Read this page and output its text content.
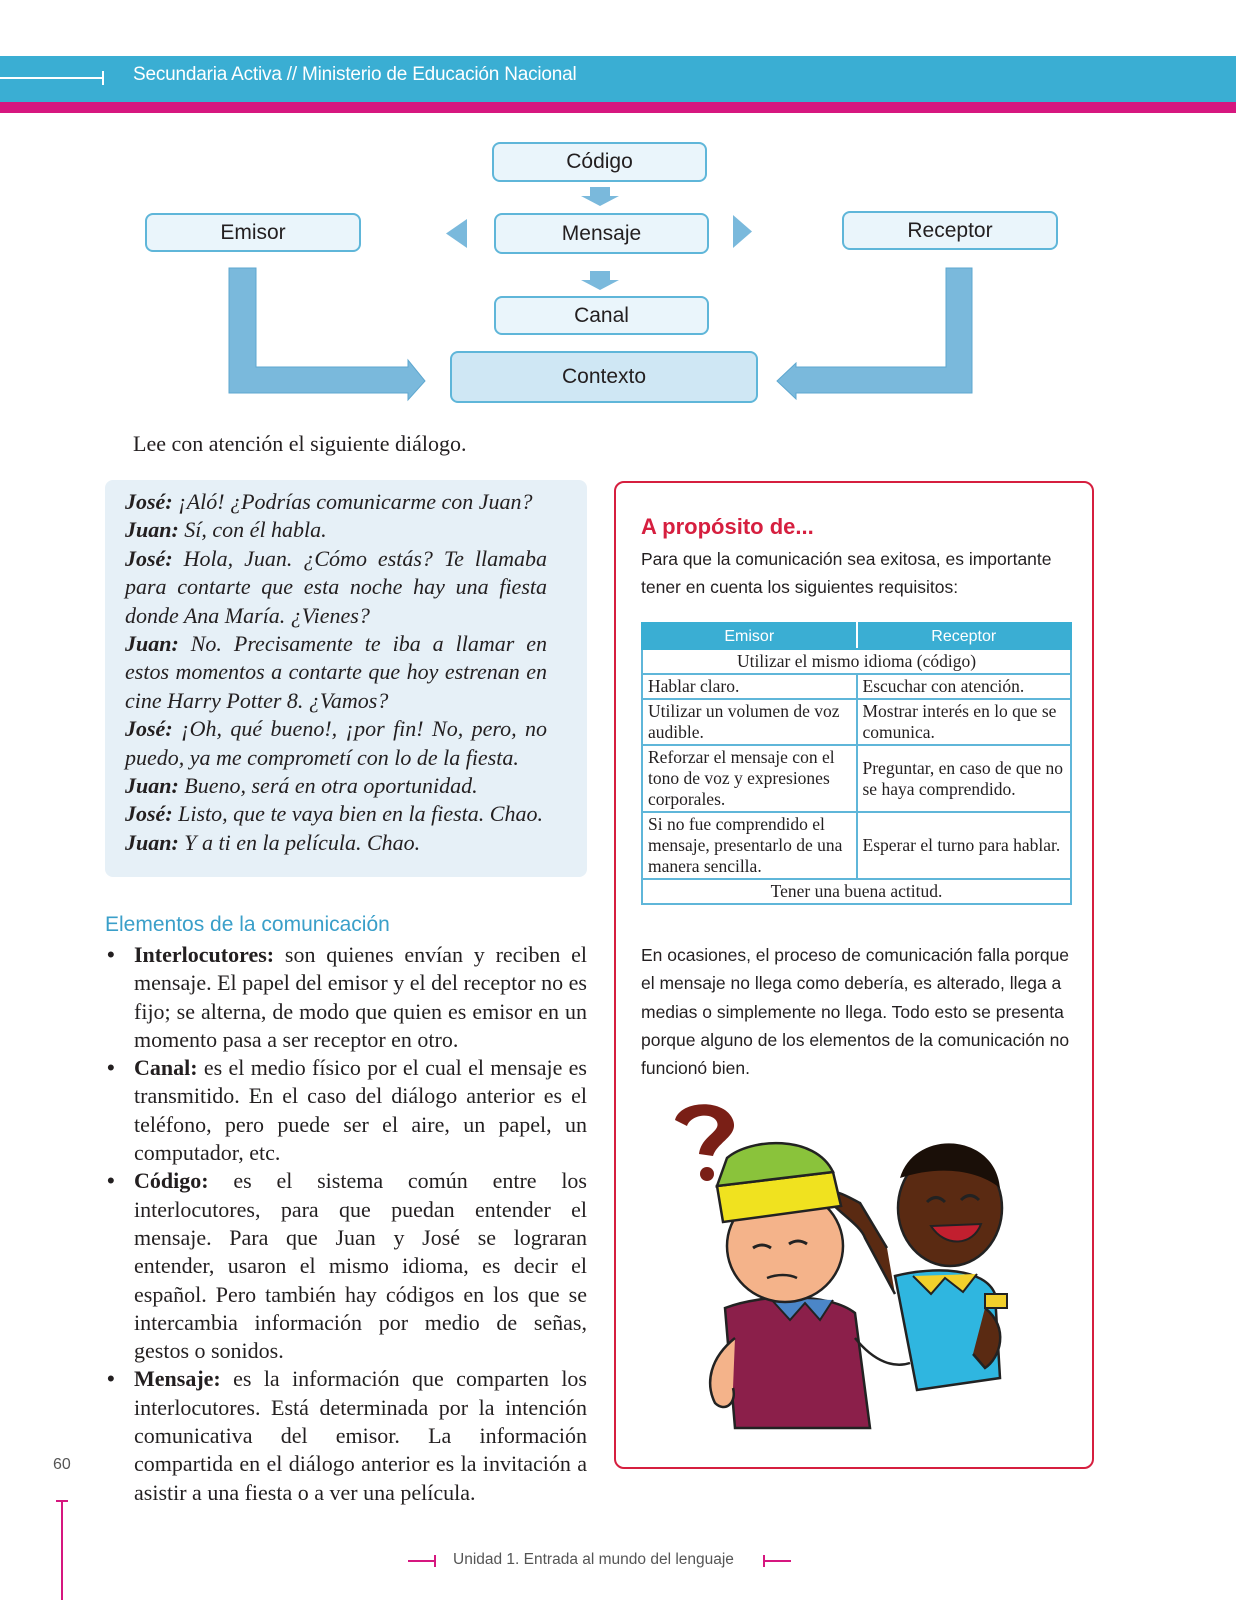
Secundaria Activa // Ministerio de Educación Nacional
Código
Emisor	Mensaje	Receptor
Canal
Contexto
Lee con atención el siguiente diálogo.

José: ¡Aló! ¿Podrías comunicarme con Juan?

Juan: Sí, con él habla.

José: Hola, Juan. ¿Cómo estás? Te llamaba para contarte que esta noche hay una fiesta donde Ana María. ¿Vienes?

Juan: No. Precisamente te iba a llamar en estos momentos a contarte que hoy estrenan en cine Harry Potter 8. ¿Vamos?

José: ¡Oh, qué bueno!, ¡por fin! No, pero, no puedo, ya me comprometí con lo de la fiesta.

Juan: Bueno, será en otra oportunidad.

José: Listo, que te vaya bien en la fiesta. Chao.

Juan: Y a ti en la película. Chao.

Elementos de la comunicación
• Interlocutores: son quienes envían y reciben el mensaje. El papel del emisor y el del receptor no es fijo; se alterna, de modo que quien es emisor en un momento pasa a ser receptor en otro.
• Canal: es el medio físico por el cual el mensaje es transmitido. En el caso del diálogo anterior es el teléfono, pero puede ser el aire, un papel, un computador, etc.
• Código: es el sistema común entre los interlocutores, para que puedan entender el mensaje. Para que Juan y José se lograran entender, usaron el mismo idioma, es decir el español. Pero también hay códigos en los que se intercambia información por medio de señas, gestos o sonidos.
• Mensaje: es la información que comparten los interlocutores. Está determinada por la intención comunicativa del emisor. La información compartida en el diálogo anterior es la invitación a asistir a una fiesta o a ver una película.
60
A propósito de...
Para que la comunicación sea exitosa, es importante tener en cuenta los siguientes requisitos:
Emisor	Receptor
Utilizar el mismo idioma (código)	
Hablar claro.	Escuchar con atención.
Utilizar un volumen de voz audible.	Mostrar interés en lo que se comunica.
Reforzar el mensaje con el tono de voz y expresiones corporales.	Preguntar, en caso de que no se haya comprendido.
Si no fue comprendido el mensaje, presentarlo de una manera sencilla.	Esperar el turno para hablar.
Tener una buena actitud.	
En ocasiones, el proceso de comunicación falla porque el mensaje no llega como debería, es alterado, llega a medias o simplemente no llega. Todo esto se presenta porque alguno de los elementos de la comunicación no funcionó bien.
Unidad 1. Entrada al mundo del lenguaje
